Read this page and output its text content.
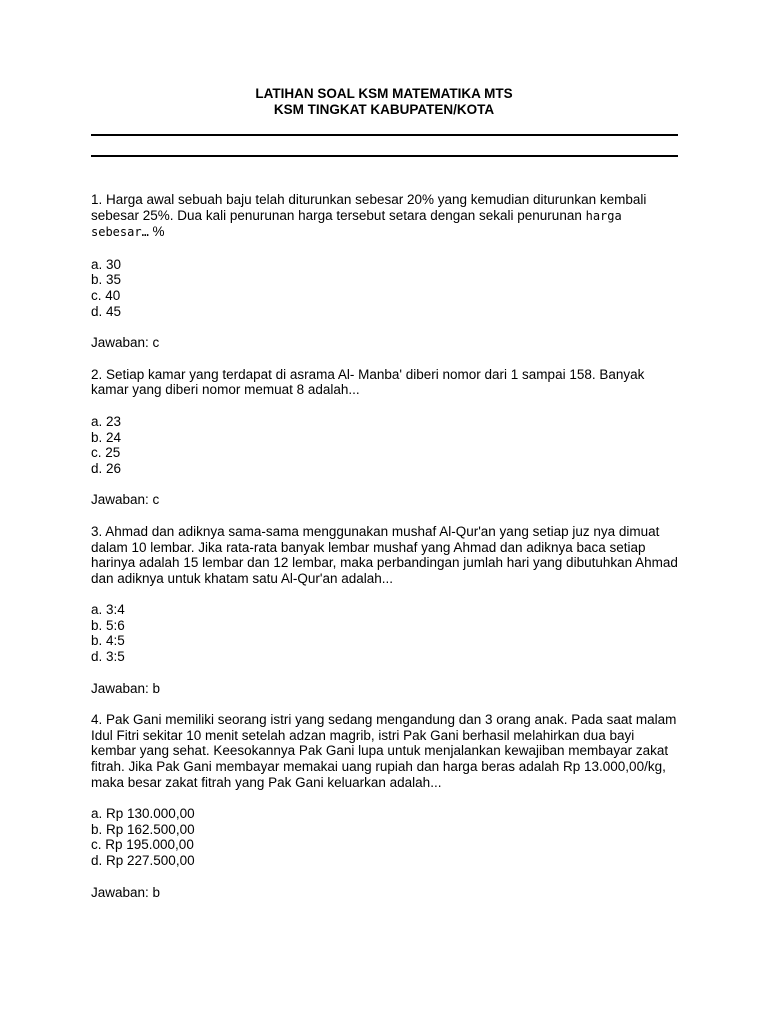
LATIHAN SOAL KSM MATEMATIKA MTS
KSM TINGKAT KABUPATEN/KOTA

1. Harga awal sebuah baju telah diturunkan sebesar 20% yang kemudian diturunkan kembali sebesar 25%. Dua kali penurunan harga tersebut setara dengan sekali penurunan harga sebesar… %

a. 30
b. 35
c. 40
d. 45

Jawaban: c

2. Setiap kamar yang terdapat di asrama Al- Manba' diberi nomor dari 1 sampai 158. Banyak kamar yang diberi nomor memuat 8 adalah...

a. 23
b. 24
c. 25
d. 26

Jawaban: c

3. Ahmad dan adiknya sama-sama menggunakan mushaf Al-Qur'an yang setiap juz nya dimuat dalam 10 lembar. Jika rata-rata banyak lembar mushaf yang Ahmad dan adiknya baca setiap harinya adalah 15 lembar dan 12 lembar, maka perbandingan jumlah hari yang dibutuhkan Ahmad dan adiknya untuk khatam satu Al-Qur'an adalah...

a. 3:4
b. 5:6
b. 4:5
d. 3:5

Jawaban: b

4. Pak Gani memiliki seorang istri yang sedang mengandung dan 3 orang anak. Pada saat malam Idul Fitri sekitar 10 menit setelah adzan magrib, istri Pak Gani berhasil melahirkan dua bayi kembar yang sehat. Keesokannya Pak Gani lupa untuk menjalankan kewajiban membayar zakat fitrah. Jika Pak Gani membayar memakai uang rupiah dan harga beras adalah Rp 13.000,00/kg, maka besar zakat fitrah yang Pak Gani keluarkan adalah...

a. Rp 130.000,00
b. Rp 162.500,00
c. Rp 195.000,00
d. Rp 227.500,00

Jawaban: b
